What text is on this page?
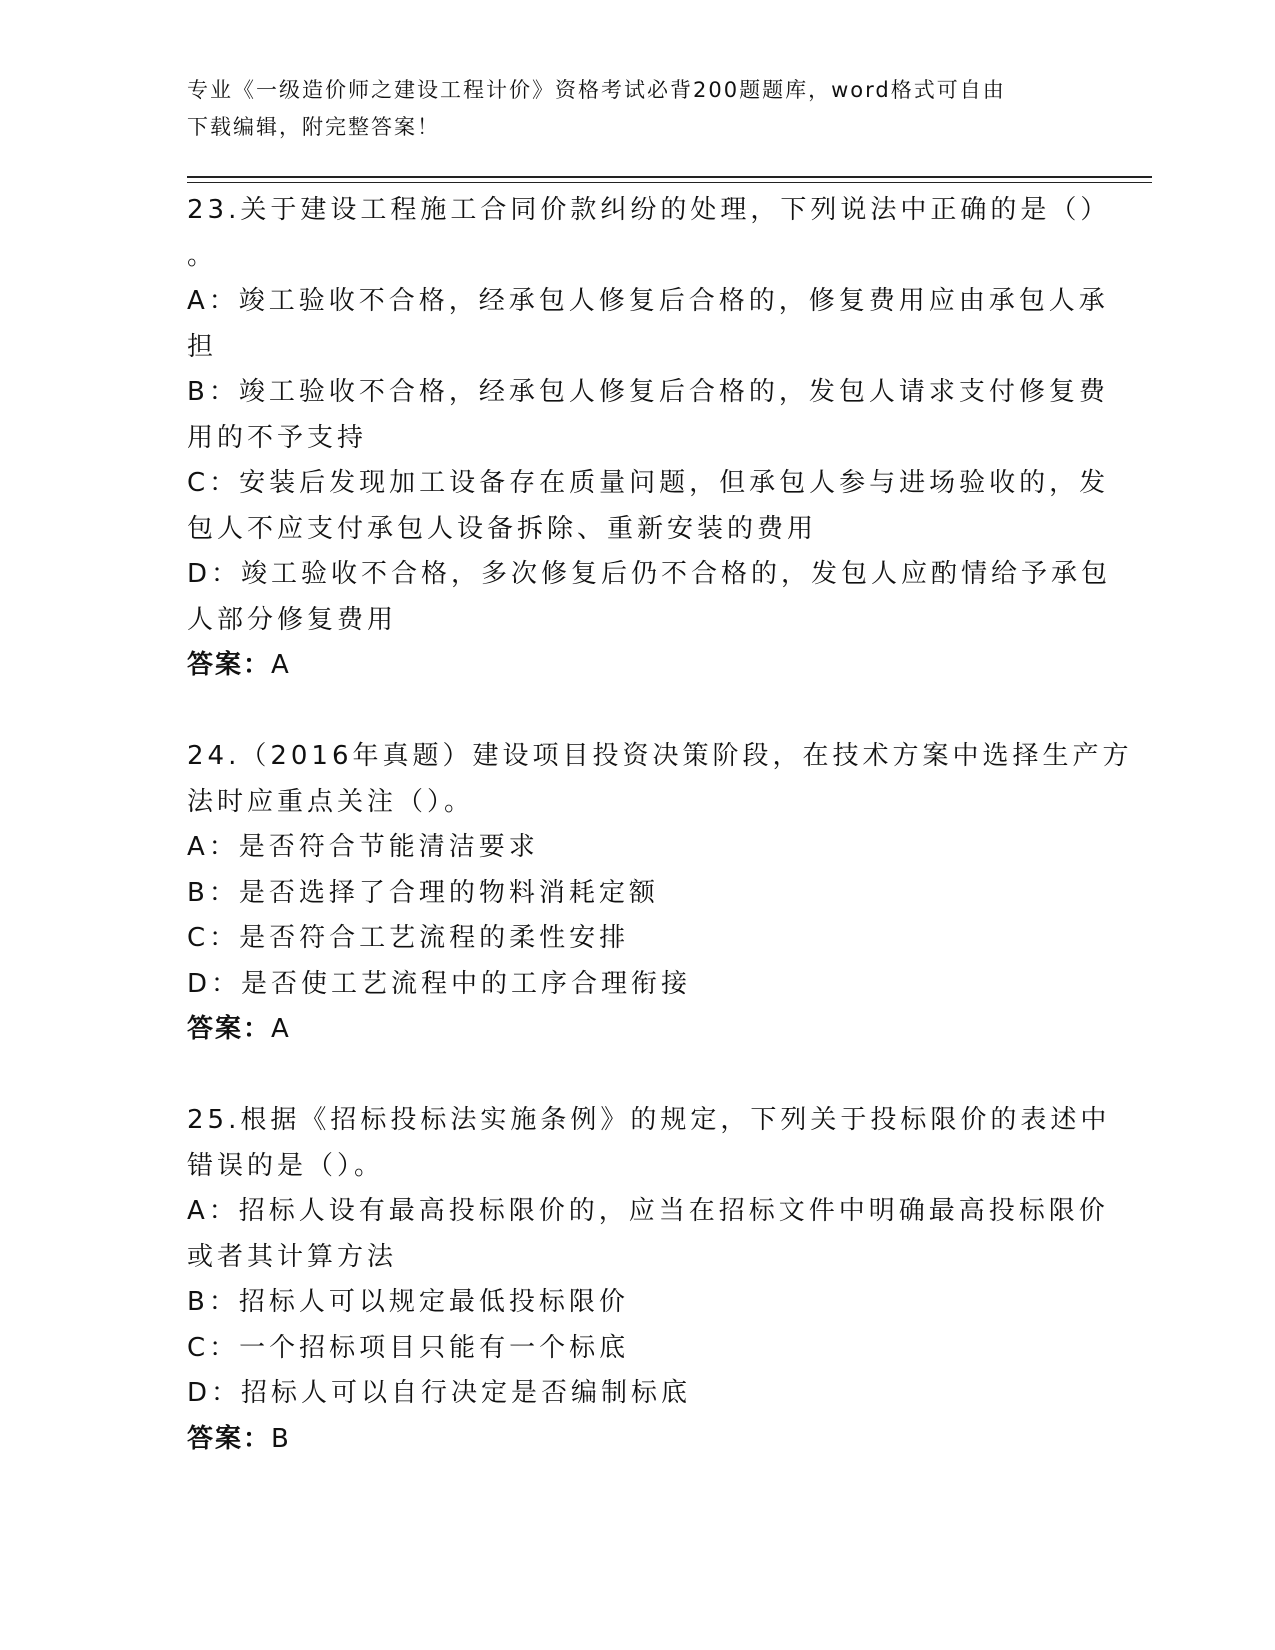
专业《一级造价师之建设工程计价》资格考试必背200题题库，word格式可自由
下载编辑，附完整答案！
23.关于建设工程施工合同价款纠纷的处理，下列说法中正确的是（）
。
A：竣工验收不合格，经承包人修复后合格的，修复费用应由承包人承
担
B：竣工验收不合格，经承包人修复后合格的，发包人请求支付修复费
用的不予支持
C：安装后发现加工设备存在质量问题，但承包人参与进场验收的，发
包人不应支付承包人设备拆除、重新安装的费用
D：竣工验收不合格，多次修复后仍不合格的，发包人应酌情给予承包
人部分修复费用
答案：A
24.（2016年真题）建设项目投资决策阶段，在技术方案中选择生产方
法时应重点关注（）。
A：是否符合节能清洁要求
B：是否选择了合理的物料消耗定额
C：是否符合工艺流程的柔性安排
D：是否使工艺流程中的工序合理衔接
答案：A
25.根据《招标投标法实施条例》的规定，下列关于投标限价的表述中
错误的是（）。
A：招标人设有最高投标限价的，应当在招标文件中明确最高投标限价
或者其计算方法
B：招标人可以规定最低投标限价
C：一个招标项目只能有一个标底
D：招标人可以自行决定是否编制标底
答案：B
